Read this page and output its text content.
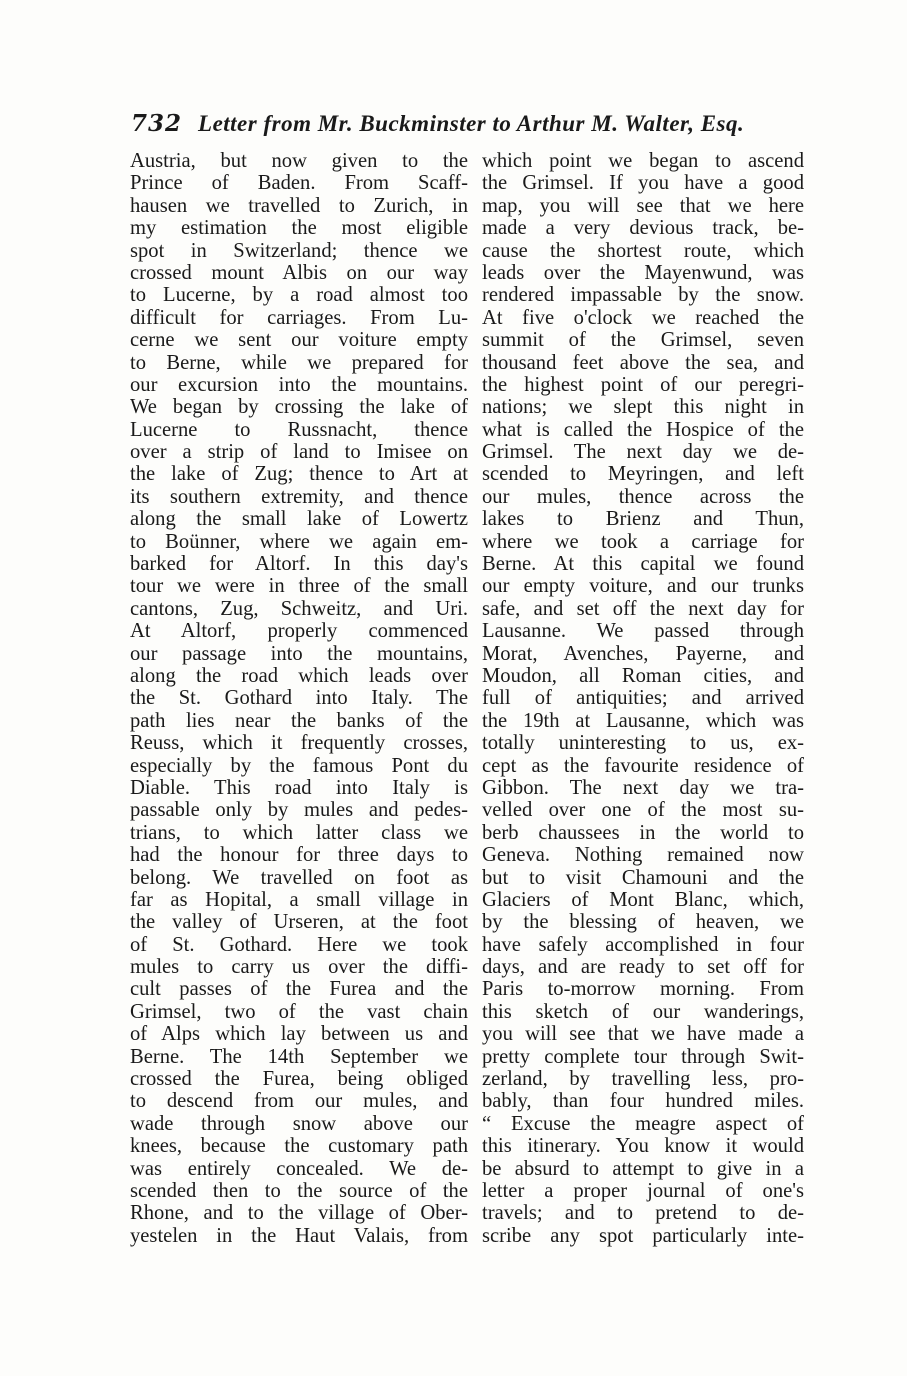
732 Letter from Mr. Buckminster to Arthur M. Walter, Esq.
Austria, but now given to the
Prince of Baden. From Scaff-
hausen we travelled to Zurich, in
my estimation the most eligible
spot in Switzerland; thence we
crossed mount Albis on our way
to Lucerne, by a road almost too
difficult for carriages. From Lu-
cerne we sent our voiture empty
to Berne, while we prepared for
our excursion into the mountains.
We began by crossing the lake of
Lucerne to Russnacht, thence
over a strip of land to Imisee on
the lake of Zug; thence to Art at
its southern extremity, and thence
along the small lake of Lowertz
to Boünner, where we again em-
barked for Altorf. In this day's
tour we were in three of the small
cantons, Zug, Schweitz, and Uri.
At Altorf, properly commenced
our passage into the mountains,
along the road which leads over
the St. Gothard into Italy. The
path lies near the banks of the
Reuss, which it frequently crosses,
especially by the famous Pont du
Diable. This road into Italy is
passable only by mules and pedes-
trians, to which latter class we
had the honour for three days to
belong. We travelled on foot as
far as Hopital, a small village in
the valley of Urseren, at the foot
of St. Gothard. Here we took
mules to carry us over the diffi-
cult passes of the Furea and the
Grimsel, two of the vast chain
of Alps which lay between us and
Berne. The 14th September we
crossed the Furea, being obliged
to descend from our mules, and
wade through snow above our
knees, because the customary path
was entirely concealed. We de-
scended then to the source of the
Rhone, and to the village of Ober-
yestelen in the Haut Valais, from
which point we began to ascend
the Grimsel. If you have a good
map, you will see that we here
made a very devious track, be-
cause the shortest route, which
leads over the Mayenwund, was
rendered impassable by the snow.
At five o'clock we reached the
summit of the Grimsel, seven
thousand feet above the sea, and
the highest point of our peregri-
nations; we slept this night in
what is called the Hospice of the
Grimsel. The next day we de-
scended to Meyringen, and left
our mules, thence across the
lakes to Brienz and Thun,
where we took a carriage for
Berne. At this capital we found
our empty voiture, and our trunks
safe, and set off the next day for
Lausanne. We passed through
Morat, Avenches, Payerne, and
Moudon, all Roman cities, and
full of antiquities; and arrived
the 19th at Lausanne, which was
totally uninteresting to us, ex-
cept as the favourite residence of
Gibbon. The next day we tra-
velled over one of the most su-
berb chaussees in the world to
Geneva. Nothing remained now
but to visit Chamouni and the
Glaciers of Mont Blanc, which,
by the blessing of heaven, we
have safely accomplished in four
days, and are ready to set off for
Paris to-morrow morning. From
this sketch of our wanderings,
you will see that we have made a
pretty complete tour through Swit-
zerland, by travelling less, pro-
bably, than four hundred miles.
“ Excuse the meagre aspect of
this itinerary. You know it would
be absurd to attempt to give in a
letter a proper journal of one's
travels; and to pretend to de-
scribe any spot particularly inte-
